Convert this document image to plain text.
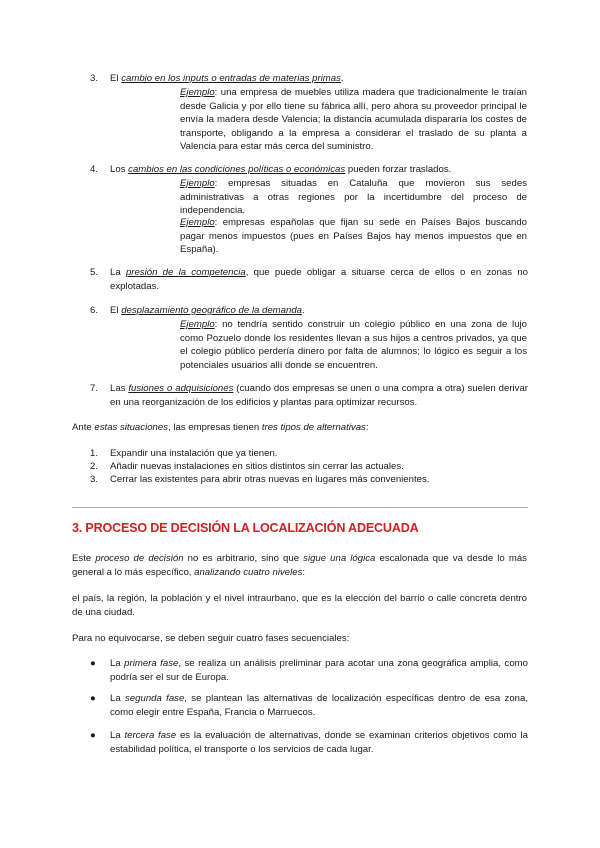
3.	El cambio en los inputs o entradas de materias primas.
Ejemplo: una empresa de muebles utiliza madera que tradicionalmente le traían desde Galicia y por ello tiene su fábrica allí, pero ahora su proveedor principal le envía la madera desde Valencia; la distancia acumulada dispararía los costes de transporte, obligando a la empresa a considerar el traslado de su planta a Valencia para estar más cerca del suministro.
4.	Los cambios en las condiciones políticas o económicas pueden forzar traslados.
Ejemplo: empresas situadas en Cataluña que movieron sus sedes administrativas a otras regiones por la incertidumbre del proceso de independencia.
Ejemplo: empresas españolas que fijan su sede en Países Bajos buscando pagar menos impuestos (pues en Países Bajos hay menos impuestos que en España).
5.	La presión de la competencia, que puede obligar a situarse cerca de ellos o en zonas no explotadas.
6.	El desplazamiento geográfico de la demanda.
Ejemplo: no tendría sentido construir un colegio público en una zona de lujo como Pozuelo donde los residentes llevan a sus hijos a centros privados, ya que el colegio público perdería dinero por falta de alumnos; lo lógico es seguir a los potenciales usuarios allí donde se encuentren.
7.	Las fusiones o adquisiciones (cuando dos empresas se unen o una compra a otra) suelen derivar en una reorganización de los edificios y plantas para optimizar recursos.
Ante estas situaciones, las empresas tienen tres tipos de alternativas:
1.	Expandir una instalación que ya tienen.
2.	Añadir nuevas instalaciones en sitios distintos sin cerrar las actuales.
3.	Cerrar las existentes para abrir otras nuevas en lugares más convenientes.
3. PROCESO DE DECISIÓN LA LOCALIZACIÓN ADECUADA
Este proceso de decisión no es arbitrario, sino que sigue una lógica escalonada que va desde lo más general a lo más específico, analizando cuatro niveles:
el país, la región, la población y el nivel intraurbano, que es la elección del barrio o calle concreta dentro de una ciudad.
Para no equivocarse, se deben seguir cuatro fases secuenciales:
● La primera fase, se realiza un análisis preliminar para acotar una zona geográfica amplia, como podría ser el sur de Europa.
● La segunda fase, se plantean las alternativas de localización específicas dentro de esa zona, como elegir entre España, Francia o Marruecos.
● La tercera fase es la evaluación de alternativas, donde se examinan criterios objetivos como la estabilidad política, el transporte o los servicios de cada lugar.
